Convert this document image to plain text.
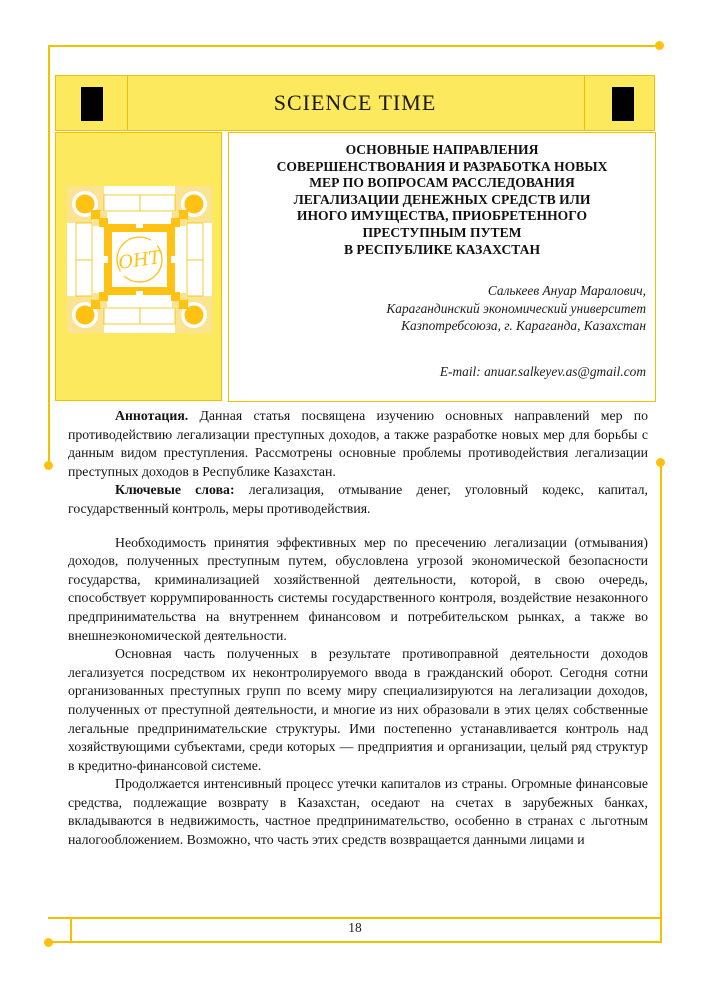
SCIENCE TIME
ОНТ
ОСНОВНЫЕ НАПРАВЛЕНИЯ
СОВЕРШЕНСТВОВАНИЯ И РАЗРАБОТКА НОВЫХ
МЕР ПО ВОПРОСАМ РАССЛЕДОВАНИЯ
ЛЕГАЛИЗАЦИИ ДЕНЕЖНЫХ СРЕДСТВ ИЛИ
ИНОГО ИМУЩЕСТВА, ПРИОБРЕТЕННОГО
ПРЕСТУПНЫМ ПУТЕМ
В РЕСПУБЛИКЕ КАЗАХСТАН
Салькеев Ануар Маралович,
Карагандинский экономический университет
Казпотребсоюза, г. Караганда, Казахстан
E-mail: anuar.salkeyev.as@gmail.com

Аннотация. Данная статья посвящена изучению основных направлений мер по противодействию легализации преступных доходов, а также разработке новых мер для борьбы с данным видом преступления. Рассмотрены основные проблемы противодействия легализации преступных доходов в Республике Казахстан.

Ключевые слова: легализация, отмывание денег, уголовный кодекс, капитал, государственный контроль, меры противодействия.

Необходимость принятия эффективных мер по пресечению легализации (отмывания) доходов, полученных преступным путем, обусловлена угрозой экономической безопасности государства, криминализацией хозяйственной деятельности, которой, в свою очередь, способствует коррумпированность системы государственного контроля, воздействие незаконного предпринимательства на внутреннем финансовом и потребительском рынках, а также во внешнеэкономической деятельности.

Основная часть полученных в результате противоправной деятельности доходов легализуется посредством их неконтролируемого ввода в гражданский оборот. Сегодня сотни организованных преступных групп по всему миру специализируются на легализации доходов, полученных от преступной деятельности, и многие из них образовали в этих целях собственные легальные предпринимательские структуры. Ими постепенно устанавливается контроль над хозяйствующими субъектами, среди которых — предприятия и организации, целый ряд структур в кредитно-финансовой системе.

Продолжается интенсивный процесс утечки капиталов из страны. Огромные финансовые средства, подлежащие возврату в Казахстан, оседают на счетах в зарубежных банках, вкладываются в недвижимость, частное предпринимательство, особенно в странах с льготным налогообложением. Возможно, что часть этих средств возвращается данными лицами и

18
